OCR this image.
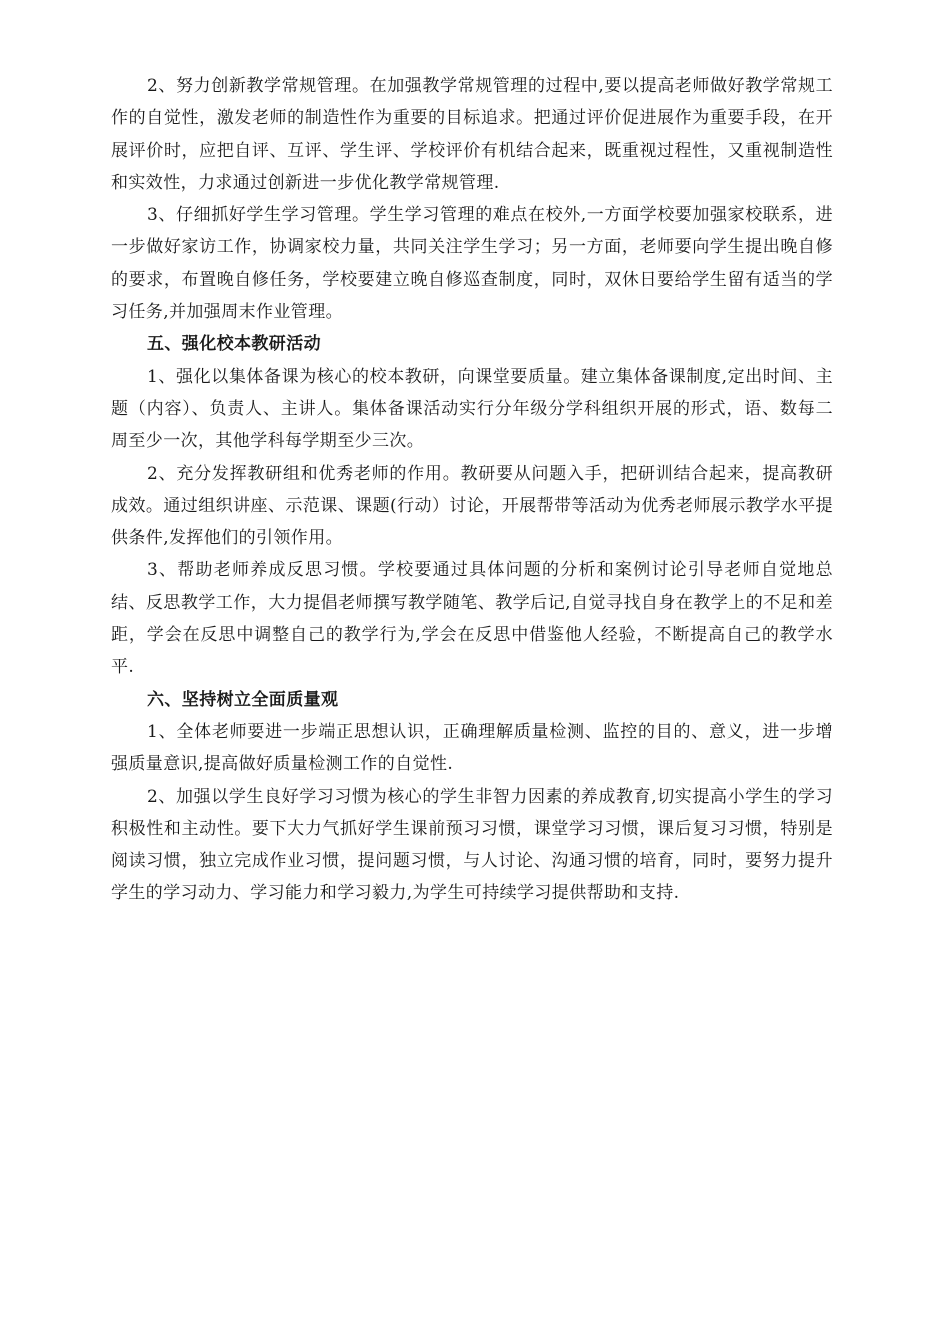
2、努力创新教学常规管理。在加强教学常规管理的过程中,要以提高老师做好教学常规工作的自觉性，激发老师的制造性作为重要的目标追求。把通过评价促进展作为重要手段，在开展评价时，应把自评、互评、学生评、学校评价有机结合起来，既重视过程性，又重视制造性和实效性，力求通过创新进一步优化教学常规管理.

3、仔细抓好学生学习管理。学生学习管理的难点在校外,一方面学校要加强家校联系，进一步做好家访工作，协调家校力量，共同关注学生学习；另一方面，老师要向学生提出晚自修的要求，布置晚自修任务，学校要建立晚自修巡查制度，同时，双休日要给学生留有适当的学习任务,并加强周末作业管理。

五、强化校本教研活动

1、强化以集体备课为核心的校本教研，向课堂要质量。建立集体备课制度,定出时间、主题（内容）、负责人、主讲人。集体备课活动实行分年级分学科组织开展的形式，语、数每二周至少一次，其他学科每学期至少三次。

2、充分发挥教研组和优秀老师的作用。教研要从问题入手，把研训结合起来，提高教研成效。通过组织讲座、示范课、课题(行动）讨论，开展帮带等活动为优秀老师展示教学水平提供条件,发挥他们的引领作用。

3、帮助老师养成反思习惯。学校要通过具体问题的分析和案例讨论引导老师自觉地总结、反思教学工作，大力提倡老师撰写教学随笔、教学后记,自觉寻找自身在教学上的不足和差距，学会在反思中调整自己的教学行为,学会在反思中借鉴他人经验，不断提高自己的教学水平.

六、坚持树立全面质量观

1、全体老师要进一步端正思想认识，正确理解质量检测、监控的目的、意义，进一步增强质量意识,提高做好质量检测工作的自觉性.

2、加强以学生良好学习习惯为核心的学生非智力因素的养成教育,切实提高小学生的学习积极性和主动性。要下大力气抓好学生课前预习习惯，课堂学习习惯，课后复习习惯，特别是阅读习惯，独立完成作业习惯，提问题习惯，与人讨论、沟通习惯的培育，同时，要努力提升学生的学习动力、学习能力和学习毅力,为学生可持续学习提供帮助和支持.
